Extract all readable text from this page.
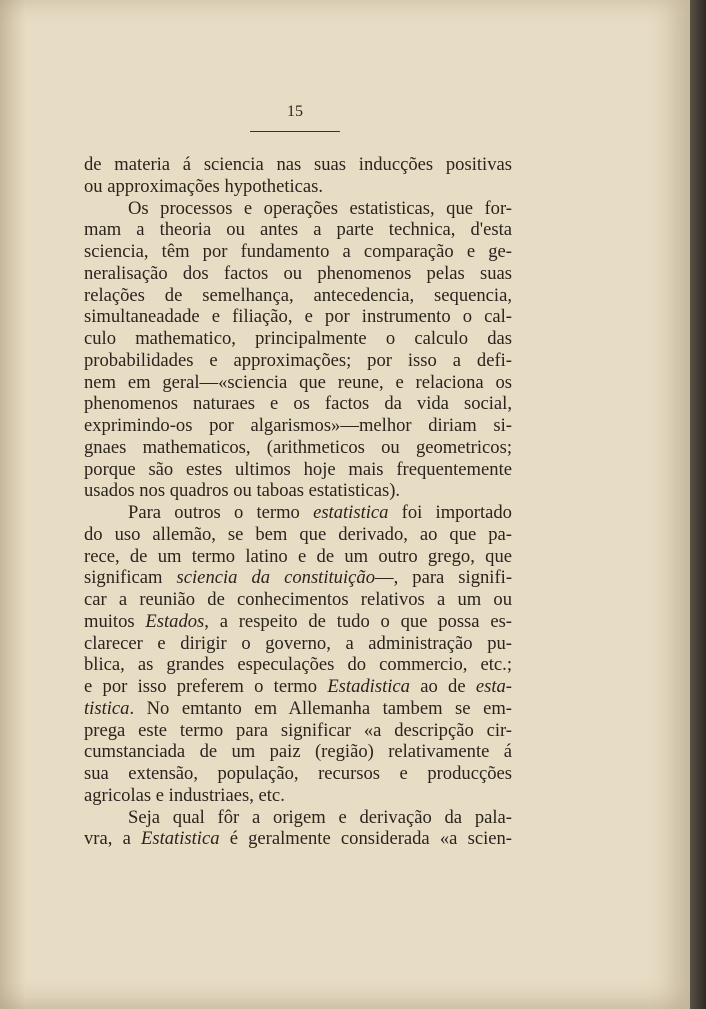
15
de materia á sciencia nas suas inducções positivas
ou approximações hypotheticas.
Os processos e operações estatisticas, que for-
mam a theoria ou antes a parte technica, d'esta
sciencia, têm por fundamento a comparação e ge-
neralisação dos factos ou phenomenos pelas suas
relações de semelhança, antecedencia, sequencia,
simultaneadade e filiação, e por instrumento o cal-
culo mathematico, principalmente o calculo das
probabilidades e approximações; por isso a defi-
nem em geral—«sciencia que reune, e relaciona os
phenomenos naturaes e os factos da vida social,
exprimindo-os por algarismos»—melhor diriam si-
gnaes mathematicos, (arithmeticos ou geometricos;
porque são estes ultimos hoje mais frequentemente
usados nos quadros ou taboas estatisticas).
Para outros o termo estatistica foi importado
do uso allemão, se bem que derivado, ao que pa-
rece, de um termo latino e de um outro grego, que
significam sciencia da constituição—, para signifi-
car a reunião de conhecimentos relativos a um ou
muitos Estados, a respeito de tudo o que possa es-
clarecer e dirigir o governo, a administração pu-
blica, as grandes especulações do commercio, etc.;
e por isso preferem o termo Estadistica ao de esta-
tistica. No emtanto em Allemanha tambem se em-
prega este termo para significar «a descripção cir-
cumstanciada de um paiz (região) relativamente á
sua extensão, população, recursos e producções
agricolas e industriaes, etc.
Seja qual fôr a origem e derivação da pala-
vra, a Estatistica é geralmente considerada «a scien-
